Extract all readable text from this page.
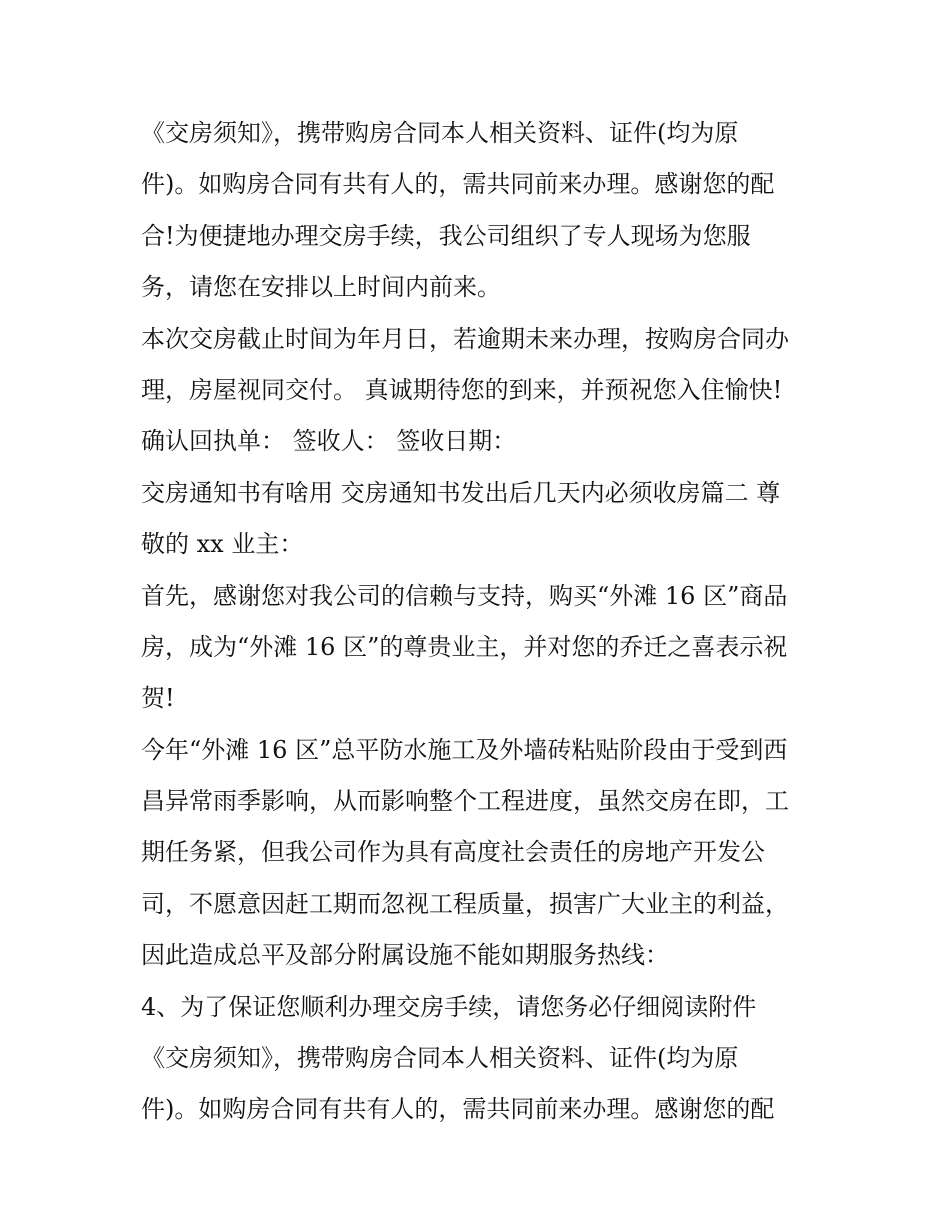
《交房须知》，携带购房合同本人相关资料、证件(均为原
件)。如购房合同有共有人的，需共同前来办理。感谢您的配
合!为便捷地办理交房手续，我公司组织了专人现场为您服
务，请您在安排以上时间内前来。
本次交房截止时间为年月日，若逾期未来办理，按购房合同办
理，房屋视同交付。 真诚期待您的到来，并预祝您入住愉快!
确认回执单： 签收人： 签收日期：
交房通知书有啥用 交房通知书发出后几天内必须收房篇二 尊
敬的 xx 业主：
首先，感谢您对我公司的信赖与支持，购买“外滩 16 区”商品
房，成为“外滩 16 区”的尊贵业主，并对您的乔迁之喜表示祝
贺!
今年“外滩 16 区”总平防水施工及外墙砖粘贴阶段由于受到西
昌异常雨季影响，从而影响整个工程进度，虽然交房在即，工
期任务紧，但我公司作为具有高度社会责任的房地产开发公
司，不愿意因赶工期而忽视工程质量，损害广大业主的利益，
因此造成总平及部分附属设施不能如期服务热线：
4、为了保证您顺利办理交房手续，请您务必仔细阅读附件
《交房须知》，携带购房合同本人相关资料、证件(均为原
件)。如购房合同有共有人的，需共同前来办理。感谢您的配
